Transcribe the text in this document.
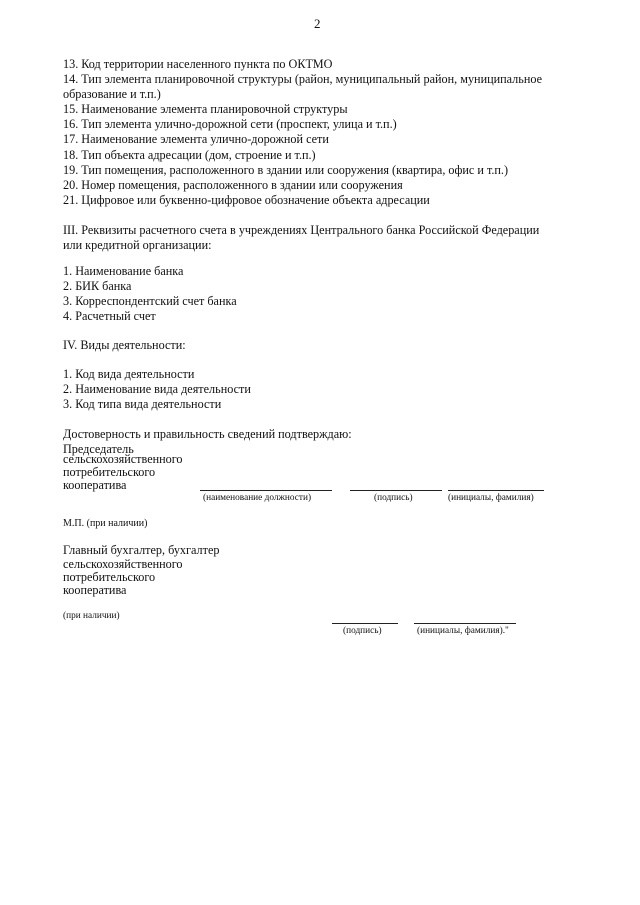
2
13. Код территории населенного пункта по ОКТМО
14. Тип элемента планировочной структуры (район, муниципальный район, муниципальное
образование и т.п.)
15. Наименование элемента планировочной структуры
16. Тип элемента улично-дорожной сети (проспект, улица и т.п.)
17. Наименование элемента улично-дорожной сети
18. Тип объекта адресации (дом, строение и т.п.)
19. Тип помещения, расположенного в здании или сооружения (квартира, офис и т.п.)
20. Номер помещения, расположенного в здании или сооружения
21. Цифровое или буквенно-цифровое обозначение объекта адресации
III. Реквизиты расчетного счета в учреждениях Центрального банка Российской Федерации
или кредитной организации:
1. Наименование банка
2. БИК банка
3. Корреспондентский счет банка
4. Расчетный счет
IV. Виды деятельности:
1. Код вида деятельности
2. Наименование вида деятельности
3. Код типа вида деятельности
Достоверность и правильность сведений подтверждаю:
Председатель
сельскохозяйственного
потребительского
кооператива
(наименование должности)	(подпись)	(инициалы, фамилия)
М.П. (при наличии)
Главный бухгалтер, бухгалтер
сельскохозяйственного
потребительского
кооператива
(при наличии)
(подпись)	(инициалы, фамилия)."
